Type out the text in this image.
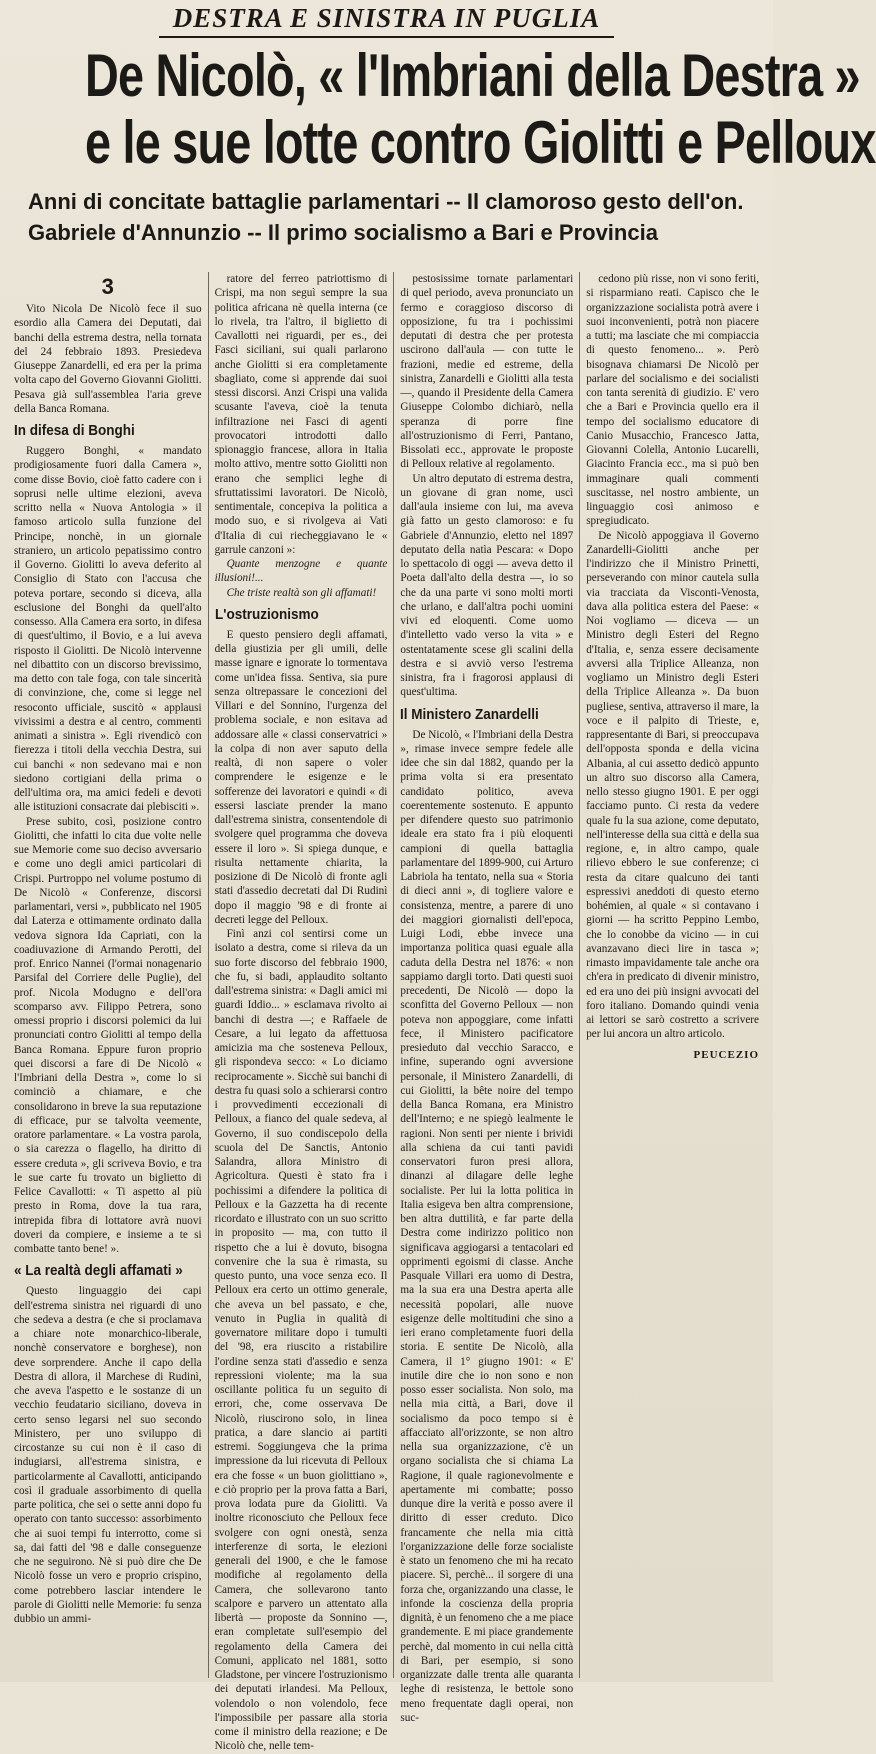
DESTRA E SINISTRA IN PUGLIA
De Nicolò, « l'Imbriani della Destra »
e le sue lotte contro Giolitti e Pelloux
Anni di concitate battaglie parlamentari -- Il clamoroso gesto dell'on. Gabriele d'Annunzio -- Il primo socialismo a Bari e Provincia
3

Vito Nicola De Nicolò fece il suo esordio alla Camera dei Deputati, dai banchi della estrema destra, nella tornata del 24 febbraio 1893. Presiedeva Giuseppe Zanardelli, ed era per la prima volta capo del Governo Giovanni Giolitti. Pesava già sull'assemblea l'aria greve della Banca Romana.

In difesa di Bonghi

Ruggero Bonghi, « mandato prodigiosamente fuori dalla Camera », come disse Bovio, cioè fatto cadere con i soprusi nelle ultime elezioni, aveva scritto nella « Nuova Antologia » il famoso articolo sulla funzione del Principe, nonchè, in un giornale straniero, un articolo pepatissimo contro il Governo. Giolitti lo aveva deferito al Consiglio di Stato con l'accusa che poteva portare, secondo si diceva, alla esclusione del Bonghi da quell'alto consesso. Alla Camera era sorto, in difesa di quest'ultimo, il Bovio, e a lui aveva risposto il Giolitti. De Nicolò intervenne nel dibattito con un discorso brevissimo, ma detto con tale foga, con tale sincerità di convinzione, che, come si legge nel resoconto ufficiale, suscitò « applausi vivissimi a destra e al centro, commenti animati a sinistra ». Egli rivendicò con fierezza i titoli della vecchia Destra, sui cui banchi « non sedevano mai e non siedono cortigiani della prima o dell'ultima ora, ma amici fedeli e devoti alle istituzioni consacrate dai plebisciti ».

Prese subito, così, posizione contro Giolitti, che infatti lo cita due volte nelle sue Memorie come suo deciso avversario e come uno degli amici particolari di Crispi. Purtroppo nel volume postumo di De Nicolò « Conferenze, discorsi parlamentari, versi », pubblicato nel 1905 dal Laterza e ottimamente ordinato dalla vedova signora Ida Capriati, con la coadiuvazione di Armando Perotti, del prof. Enrico Nannei (l'ormai nonagenario Parsifal del Corriere delle Puglie), del prof. Nicola Modugno e dell'ora scomparso avv. Filippo Petrera, sono omessi proprio i discorsi polemici da lui pronunciati contro Giolitti al tempo della Banca Romana. Eppure furon proprio quei discorsi a fare di De Nicolò « l'Imbriani della Destra », come lo si cominciò a chiamare, e che consolidarono in breve la sua reputazione di efficace, pur se talvolta veemente, oratore parlamentare. « La vostra parola, o sia carezza o flagello, ha diritto di essere creduta », gli scriveva Bovio, e tra le sue carte fu trovato un biglietto di Felice Cavallotti: « Ti aspetto al più presto in Roma, dove la tua rara, intrepida fibra di lottatore avrà nuovi doveri da compiere, e insieme a te si combatte tanto bene! ».

« La realtà degli affamati »

Questo linguaggio dei capi dell'estrema sinistra nei riguardi di uno che sedeva a destra (e che si proclamava a chiare note monarchico-liberale, nonchè conservatore e borghese), non deve sorprendere. Anche il capo della Destra di allora, il Marchese di Rudinì, che aveva l'aspetto e le sostanze di un vecchio feudatario siciliano, doveva in certo senso legarsi nel suo secondo Ministero, per uno sviluppo di circostanze su cui non è il caso di indugiarsi, all'estrema sinistra, e particolarmente al Cavallotti, anticipando così il graduale assorbimento di quella parte politica, che sei o sette anni dopo fu operato con tanto successo: assorbimento che ai suoi tempi fu interrotto, come si sa, dai fatti del '98 e dalle conseguenze che ne seguirono. Nè si può dire che De Nicolò fosse un vero e proprio crispino, come potrebbero lasciar intendere le parole di Giolitti nelle Memorie: fu senza dubbio un ammi-

ratore del ferreo patriottismo di Crispi, ma non seguì sempre la sua politica africana nè quella interna (ce lo rivela, tra l'altro, il biglietto di Cavallotti nei riguardi, per es., dei Fasci siciliani, sui quali parlarono anche Giolitti si era completamente sbagliato, come si apprende dai suoi stessi discorsi. Anzi Crispi una valida scusante l'aveva, cioè la tenuta infiltrazione nei Fasci di agenti provocatori introdotti dallo spionaggio francese, allora in Italia molto attivo, mentre sotto Giolitti non erano che semplici leghe di sfruttatissimi lavoratori. De Nicolò, sentimentale, concepiva la politica a modo suo, e si rivolgeva ai Vati d'Italia di cui riecheggiavano le « garrule canzoni »:

Quante menzogne e quante illusioni!...

Che triste realtà son gli affamati!

L'ostruzionismo

E questo pensiero degli affamati, della giustizia per gli umili, delle masse ignare e ignorate lo tormentava come un'idea fissa. Sentiva, sia pure senza oltrepassare le concezioni del Villari e del Sonnino, l'urgenza del problema sociale, e non esitava ad addossare alle « classi conservatrici » la colpa di non aver saputo della realtà, di non sapere o voler comprendere le esigenze e le sofferenze dei lavoratori e quindi « di essersi lasciate prender la mano dall'estrema sinistra, consentendole di svolgere quel programma che doveva essere il loro ». Si spiega dunque, e risulta nettamente chiarita, la posizione di De Nicolò di fronte agli stati d'assedio decretati dal Di Rudinì dopo il maggio '98 e di fronte ai decreti legge del Pelloux.

Finì anzi col sentirsi come un isolato a destra, come si rileva da un suo forte discorso del febbraio 1900, che fu, si badi, applaudito soltanto dall'estrema sinistra: « Dagli amici mi guardi Iddio... » esclamava rivolto ai banchi di destra —; e Raffaele de Cesare, a lui legato da affettuosa amicizia ma che sosteneva Pelloux, gli rispondeva secco: « Lo diciamo reciprocamente ». Sicchè sui banchi di destra fu quasi solo a schierarsi contro i provvedimenti eccezionali di Pelloux, a fianco del quale sedeva, al Governo, il suo condiscepolo della scuola del De Sanctis, Antonio Salandra, allora Ministro di Agricoltura. Questi è stato fra i pochissimi a difendere la politica di Pelloux e la Gazzetta ha di recente ricordato e illustrato con un suo scritto in proposito — ma, con tutto il rispetto che a lui è dovuto, bisogna convenire che la sua è rimasta, su questo punto, una voce senza eco. Il Pelloux era certo un ottimo generale, che aveva un bel passato, e che, venuto in Puglia in qualità di governatore militare dopo i tumulti del '98, era riuscito a ristabilire l'ordine senza stati d'assedio e senza repressioni violente; ma la sua oscillante politica fu un seguito di errori, che, come osservava De Nicolò, riuscirono solo, in linea pratica, a dare slancio ai partiti estremi. Soggiungeva che la prima impressione da lui ricevuta di Pelloux era che fosse « un buon giolittiano », e ciò proprio per la prova fatta a Bari, prova lodata pure da Giolitti. Va inoltre riconosciuto che Pelloux fece svolgere con ogni onestà, senza interferenze di sorta, le elezioni generali del 1900, e che le famose modifiche al regolamento della Camera, che sollevarono tanto scalpore e parvero un attentato alla libertà — proposte da Sonnino —, eran completate sull'esempio del regolamento della Camera dei Comuni, applicato nel 1881, sotto Gladstone, per vincere l'ostruzionismo dei deputati irlandesi. Ma Pelloux, volendolo o non volendolo, fece l'impossibile per passare alla storia come il ministro della reazione; e De Nicolò che, nelle tem-

pestosissime tornate parlamentari di quel periodo, aveva pronunciato un fermo e coraggioso discorso di opposizione, fu tra i pochissimi deputati di destra che per protesta uscirono dall'aula — con tutte le frazioni, medie ed estreme, della sinistra, Zanardelli e Giolitti alla testa —, quando il Presidente della Camera Giuseppe Colombo dichiarò, nella speranza di porre fine all'ostruzionismo di Ferri, Pantano, Bissolati ecc., approvate le proposte di Pelloux relative al regolamento.

Un altro deputato di estrema destra, un giovane di gran nome, uscì dall'aula insieme con lui, ma aveva già fatto un gesto clamoroso: e fu Gabriele d'Annunzio, eletto nel 1897 deputato della natìa Pescara: « Dopo lo spettacolo di oggi — aveva detto il Poeta dall'alto della destra —, io so che da una parte vi sono molti morti che urlano, e dall'altra pochi uomini vivi ed eloquenti. Come uomo d'intelletto vado verso la vita » e ostentatamente scese gli scalini della destra e si avviò verso l'estrema sinistra, fra i fragorosi applausi di quest'ultima.

Il Ministero Zanardelli

De Nicolò, « l'Imbriani della Destra », rimase invece sempre fedele alle idee che sin dal 1882, quando per la prima volta si era presentato candidato politico, aveva coerentemente sostenuto. E appunto per difendere questo suo patrimonio ideale era stato fra i più eloquenti campioni di quella battaglia parlamentare del 1899-900, cui Arturo Labriola ha tentato, nella sua « Storia di dieci anni », di togliere valore e consistenza, mentre, a parere di uno dei maggiori giornalisti dell'epoca, Luigi Lodi, ebbe invece una importanza politica quasi eguale alla caduta della Destra nel 1876: « non sappiamo dargli torto. Dati questi suoi precedenti, De Nicolò — dopo la sconfitta del Governo Pelloux — non poteva non appoggiare, come infatti fece, il Ministero pacificatore presieduto dal vecchio Saracco, e infine, superando ogni avversione personale, il Ministero Zanardelli, di cui Giolitti, la bête noire del tempo della Banca Romana, era Ministro dell'Interno; e ne spiegò lealmente le ragioni. Non senti per niente i brividi alla schiena da cui tanti pavidi conservatori furon presi allora, dinanzi al dilagare delle leghe socialiste. Per lui la lotta politica in Italia esigeva ben altra comprensione, ben altra duttilità, e far parte della Destra come indirizzo politico non significava aggiogarsi a tentacolari ed opprimenti egoismi di classe. Anche Pasquale Villari era uomo di Destra, ma la sua era una Destra aperta alle necessità popolari, alle nuove esigenze delle moltitudini che sino a ieri erano completamente fuori della storia. E sentite De Nicolò, alla Camera, il 1° giugno 1901: « E' inutile dire che io non sono e non posso esser socialista. Non solo, ma nella mia città, a Bari, dove il socialismo da poco tempo si è affacciato all'orizzonte, se non altro nella sua organizzazione, c'è un organo socialista che si chiama La Ragione, il quale ragionevolmente e apertamente mi combatte; posso dunque dire la verità e posso avere il diritto di esser creduto. Dico francamente che nella mia città l'organizzazione delle forze socialiste è stato un fenomeno che mi ha recato piacere. Sì, perchè... il sorgere di una forza che, organizzando una classe, le infonde la coscienza della propria dignità, è un fenomeno che a me piace grandemente. E mi piace grandemente perchè, dal momento in cui nella città di Bari, per esempio, si sono organizzate dalle trenta alle quaranta leghe di resistenza, le bettole sono meno frequentate dagli operai, non suc-

cedono più risse, non vi sono feriti, si risparmiano reati. Capisco che le organizzazione socialista potrà avere i suoi inconvenienti, potrà non piacere a tutti; ma lasciate che mi compiaccia di questo fenomeno... ». Però bisognava chiamarsi De Nicolò per parlare del socialismo e dei socialisti con tanta serenità di giudizio. E' vero che a Bari e Provincia quello era il tempo del socialismo educatore di Canio Musacchio, Francesco Jatta, Giovanni Colella, Antonio Lucarelli, Giacinto Francia ecc., ma si può ben immaginare quali commenti suscitasse, nel nostro ambiente, un linguaggio così animoso e spregiudicato.

De Nicolò appoggiava il Governo Zanardelli-Giolitti anche per l'indirizzo che il Ministro Prinetti, perseverando con minor cautela sulla via tracciata da Visconti-Venosta, dava alla politica estera del Paese: « Noi vogliamo — diceva — un Ministro degli Esteri del Regno d'Italia, e, senza essere decisamente avversi alla Triplice Alleanza, non vogliamo un Ministro degli Esteri della Triplice Alleanza ». Da buon pugliese, sentiva, attraverso il mare, la voce e il palpito di Trieste, e, rappresentante di Bari, si preoccupava dell'opposta sponda e della vicina Albania, al cui assetto dedicò appunto un altro suo discorso alla Camera, nello stesso giugno 1901. E per oggi facciamo punto. Ci resta da vedere quale fu la sua azione, come deputato, nell'interesse della sua città e della sua regione, e, in altro campo, quale rilievo ebbero le sue conferenze; ci resta da citare qualcuno dei tanti espressivi aneddoti di questo eterno bohémien, al quale « si contavano i giorni — ha scritto Peppino Lembo, che lo conobbe da vicino — in cui avanzavano dieci lire in tasca »; rimasto impavidamente tale anche ora ch'era in predicato di divenir ministro, ed era uno dei più insigni avvocati del foro italiano. Domando quindi venia ai lettori se sarò costretto a scrivere per lui ancora un altro articolo.

PEUCEZIO
